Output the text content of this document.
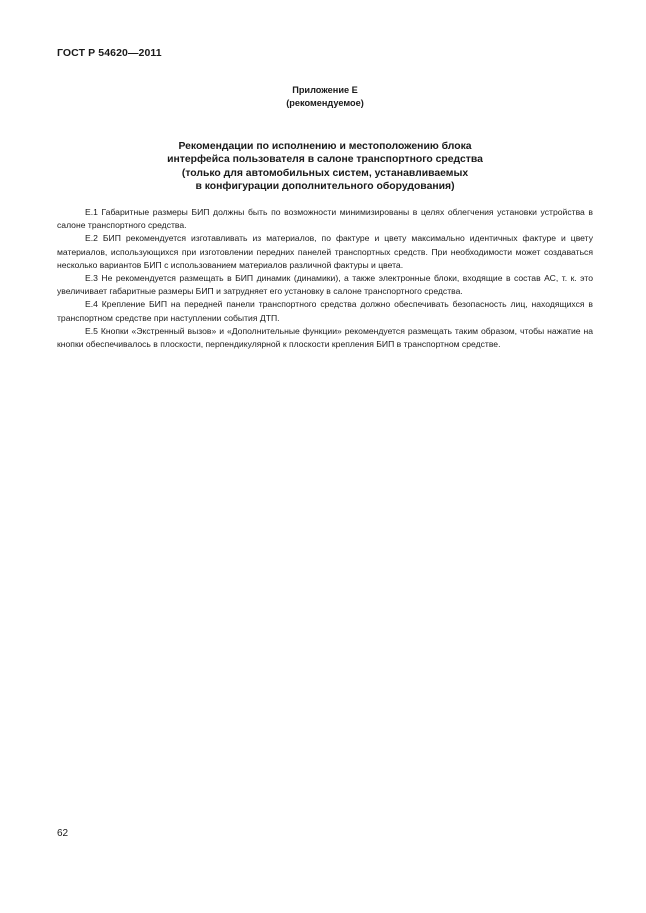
ГОСТ Р 54620—2011
Приложение Е
(рекомендуемое)
Рекомендации по исполнению и местоположению блока
интерфейса пользователя в салоне транспортного средства
(только для автомобильных систем, устанавливаемых
в конфигурации дополнительного оборудования)

Е.1 Габаритные размеры БИП должны быть по возможности минимизированы в целях облегчения установки устройства в салоне транспортного средства.

Е.2 БИП рекомендуется изготавливать из материалов, по фактуре и цвету максимально идентичных фактуре и цвету материалов, использующихся при изготовлении передних панелей транспортных средств. При необходимости может создаваться несколько вариантов БИП с использованием материалов различной фактуры и цвета.

Е.3 Не рекомендуется размещать в БИП динамик (динамики), а также электронные блоки, входящие в состав АС, т. к. это увеличивает габаритные размеры БИП и затрудняет его установку в салоне транспортного средства.

Е.4 Крепление БИП на передней панели транспортного средства должно обеспечивать безопасность лиц, находящихся в транспортном средстве при наступлении события ДТП.

Е.5 Кнопки «Экстренный вызов» и «Дополнительные функции» рекомендуется размещать таким образом, чтобы нажатие на кнопки обеспечивалось в плоскости, перпендикулярной к плоскости крепления БИП в транспортном средстве.

62
